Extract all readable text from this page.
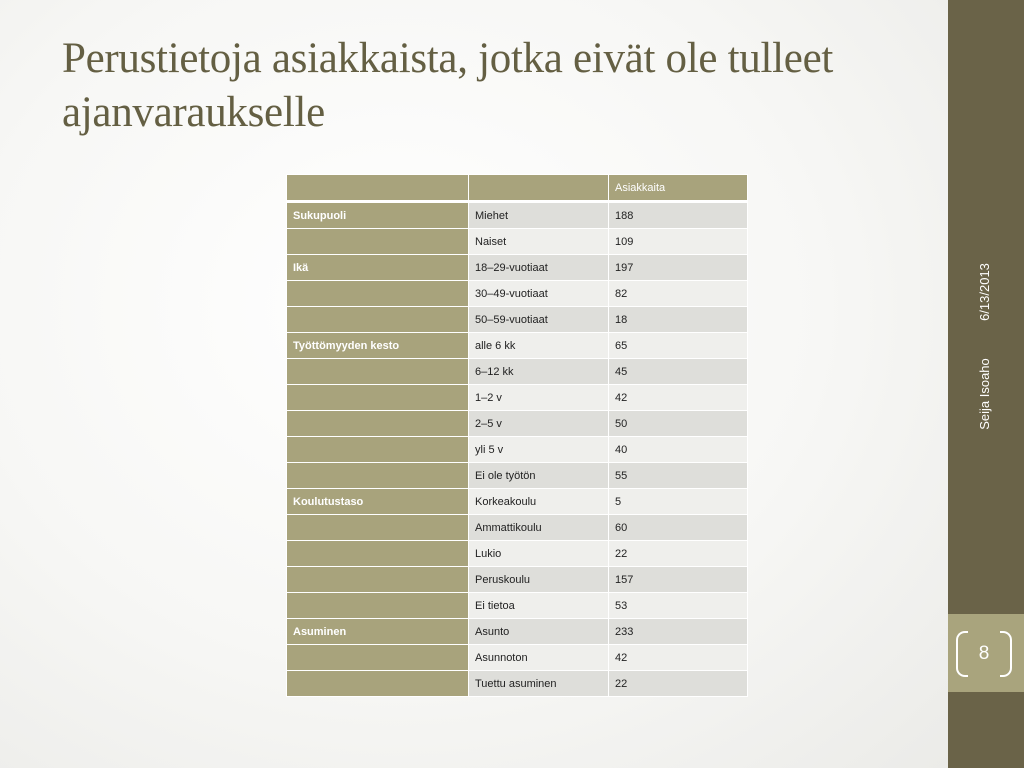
Perustietoja asiakkaista, jotka eivät ole tulleet ajanvaraukselle
		Asiakkaita
Sukupuoli	Miehet	188
	Naiset	109
Ikä	18–29-vuotiaat	197
	30–49-vuotiaat	82
	50–59-vuotiaat	18
Työttömyyden kesto	alle 6 kk	65
	6–12 kk	45
	1–2 v	42
	2–5 v	50
	yli 5 v	40
	Ei ole työtön	55
Koulutustaso	Korkeakoulu	5
	Ammattikoulu	60
	Lukio	22
	Peruskoulu	157
	Ei tietoa	53
Asuminen	Asunto	233
	Asunnoton	42
	Tuettu asuminen	22
8
6/13/2013
Seija Isoaho
